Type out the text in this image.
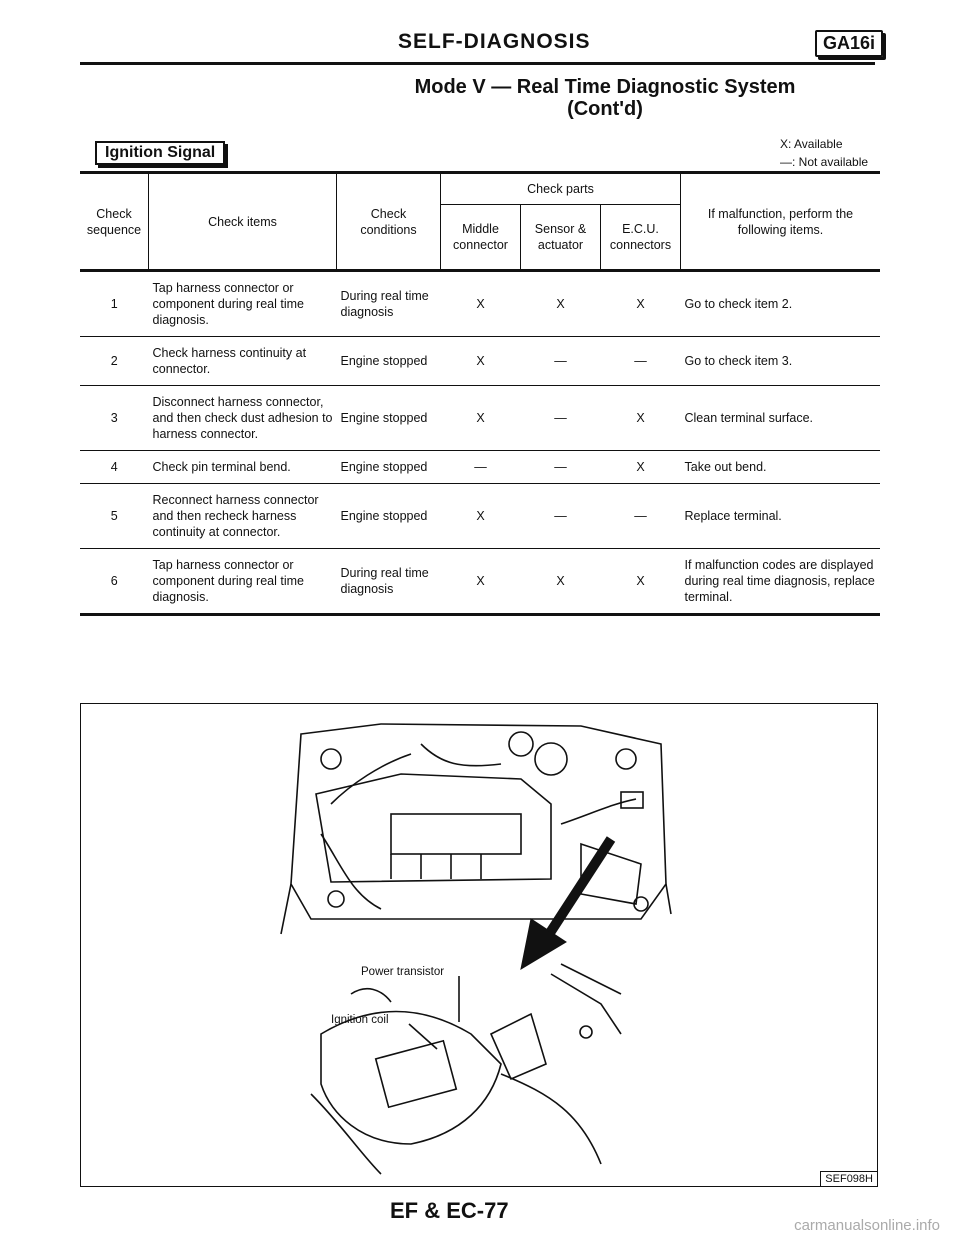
SELF-DIAGNOSIS	GA16i
Mode V — Real Time Diagnostic System
(Cont'd)
Ignition Signal	X: Available
—: Not available
Check sequence	Check items	Check conditions	Check parts			If malfunction, perform the following items.
			Middle connector	Sensor & actuator	E.C.U. connectors	
1	Tap harness connector or component during real time diagnosis.	During real time diagnosis	X	X	X	Go to check item 2.
2	Check harness continuity at connector.	Engine stopped	X	—	—	Go to check item 3.
3	Disconnect harness connector, and then check dust adhesion to harness connector.	Engine stopped	X	—	X	Clean terminal surface.
4	Check pin terminal bend.	Engine stopped	—	—	X	Take out bend.
5	Reconnect harness connector and then recheck harness continuity at connector.	Engine stopped	X	—	—	Replace terminal.
6	Tap harness connector or component during real time diagnosis.	During real time diagnosis	X	X	X	If malfunction codes are displayed during real time diagnosis, replace terminal.
Power transistor
Ignition coil
SEF098H
EF & EC-77
carmanualsonline.info
